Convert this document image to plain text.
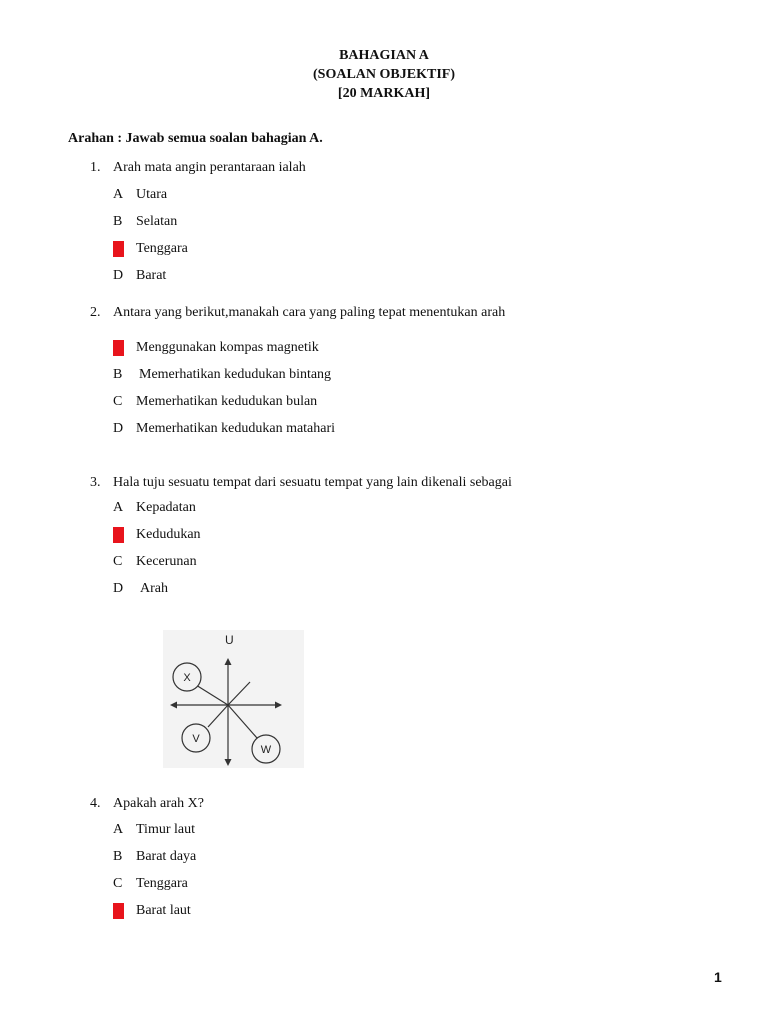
BAHAGIAN A
(SOALAN OBJEKTIF)
[20 MARKAH]
Arahan : Jawab semua soalan bahagian A.
1. Arah mata angin perantaraan ialah
A Utara
B Selatan
C Tenggara
D Barat
2. Antara yang berikut,manakah cara yang paling tepat menentukan arah
A Menggunakan kompas magnetik
B Memerhatikan kedudukan bintang
C Memerhatikan kedudukan bulan
D Memerhatikan kedudukan matahari
3. Hala tuju sesuatu tempat dari sesuatu tempat yang lain dikenali sebagai
A Kepadatan
B Kedudukan
C Kecerunan
D Arah
U
X
V
W
4. Apakah arah X?
A Timur laut
B Barat daya
C Tenggara
D Barat laut
1
